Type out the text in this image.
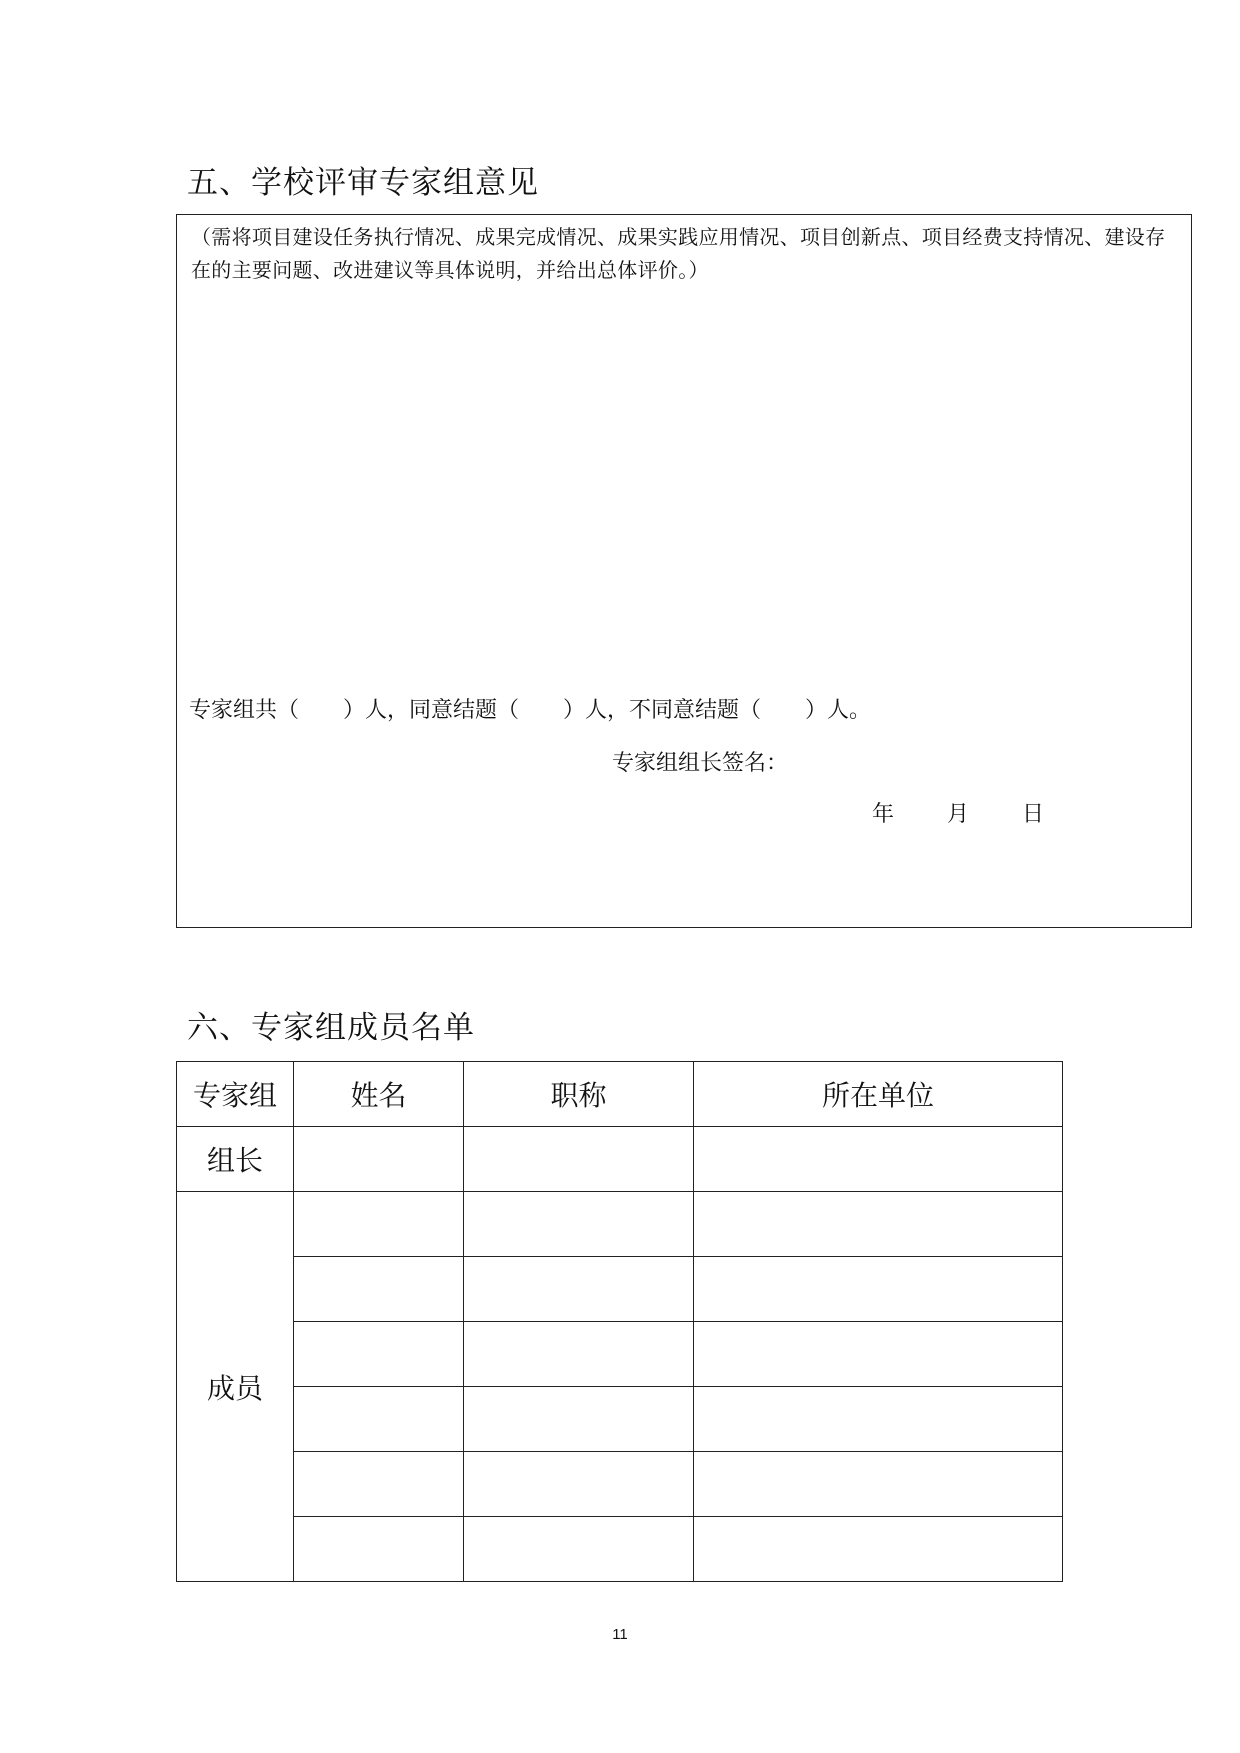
五、学校评审专家组意见
（需将项目建设任务执行情况、成果完成情况、成果实践应用情况、项目创新点、项目经费支持情况、建设存在的主要问题、改进建议等具体说明，并给出总体评价。）
专家组共（ ）人，同意结题（ ）人，不同意结题（ ）人。
专家组组长签名：
年 月 日
六、专家组成员名单
专家组	姓名	职称	所在单位
组长			
成员			

11
